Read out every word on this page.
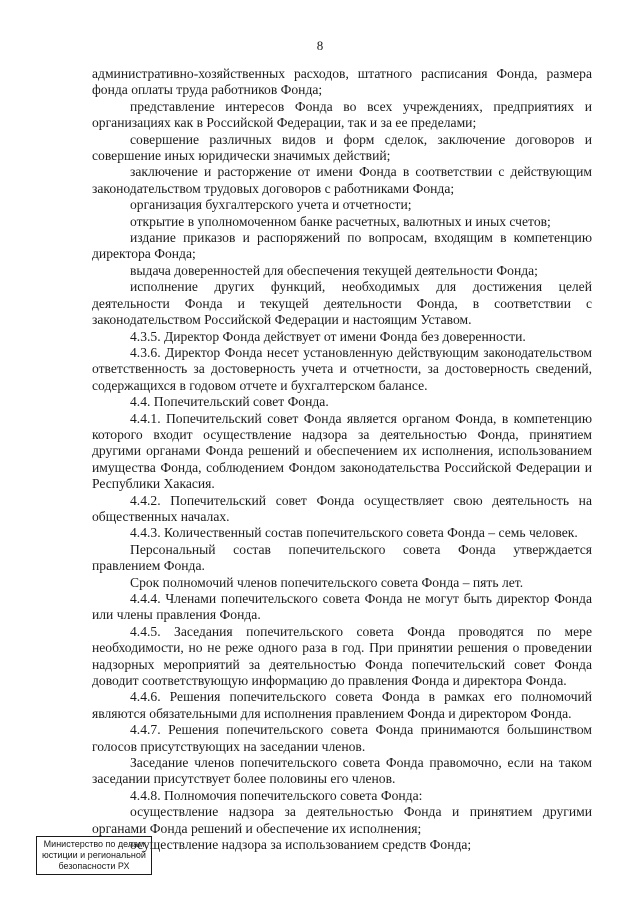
8

административно-хозяйственных расходов, штатного расписания Фонда, размера фонда оплаты труда работников Фонда;

представление интересов Фонда во всех учреждениях, предприятиях и организациях как в Российской Федерации, так и за ее пределами;

совершение различных видов и форм сделок, заключение договоров и совершение иных юридически значимых действий;

заключение и расторжение от имени Фонда в соответствии с действующим законодательством трудовых договоров с работниками Фонда;

организация бухгалтерского учета и отчетности;

открытие в уполномоченном банке расчетных, валютных и иных счетов;

издание приказов и распоряжений по вопросам, входящим в компетенцию директора Фонда;

выдача доверенностей для обеспечения текущей деятельности Фонда;

исполнение других функций, необходимых для достижения целей деятельности Фонда и текущей деятельности Фонда, в соответствии с законодательством Российской Федерации и настоящим Уставом.

4.3.5. Директор Фонда действует от имени Фонда без доверенности.

4.3.6. Директор Фонда несет установленную действующим законодательством ответственность за достоверность учета и отчетности, за достоверность сведений, содержащихся в годовом отчете и бухгалтерском балансе.

4.4. Попечительский совет Фонда.

4.4.1. Попечительский совет Фонда является органом Фонда, в компетенцию которого входит осуществление надзора за деятельностью Фонда, принятием другими органами Фонда решений и обеспечением их исполнения, использованием имущества Фонда, соблюдением Фондом законодательства Российской Федерации и Республики Хакасия.

4.4.2. Попечительский совет Фонда осуществляет свою деятельность на общественных началах.

4.4.3. Количественный состав попечительского совета Фонда – семь человек.

Персональный состав попечительского совета Фонда утверждается правлением Фонда.

Срок полномочий членов попечительского совета Фонда – пять лет.

4.4.4. Членами попечительского совета Фонда не могут быть директор Фонда или члены правления Фонда.

4.4.5. Заседания попечительского совета Фонда проводятся по мере необходимости, но не реже одного раза в год. При принятии решения о проведении надзорных мероприятий за деятельностью Фонда попечительский совет Фонда доводит соответствующую информацию до правления Фонда и директора Фонда.

4.4.6. Решения попечительского совета Фонда в рамках его полномочий являются обязательными для исполнения правлением Фонда и директором Фонда.

4.4.7. Решения попечительского совета Фонда принимаются большинством голосов присутствующих на заседании членов.

Заседание членов попечительского совета Фонда правомочно, если на таком заседании присутствует более половины его членов.

4.4.8. Полномочия попечительского совета Фонда:

осуществление надзора за деятельностью Фонда и принятием другими органами Фонда решений и обеспечение их исполнения;

осуществление надзора за использованием средств Фонда;

Министерство по делам
юстиции и региональной
безопасности РХ
